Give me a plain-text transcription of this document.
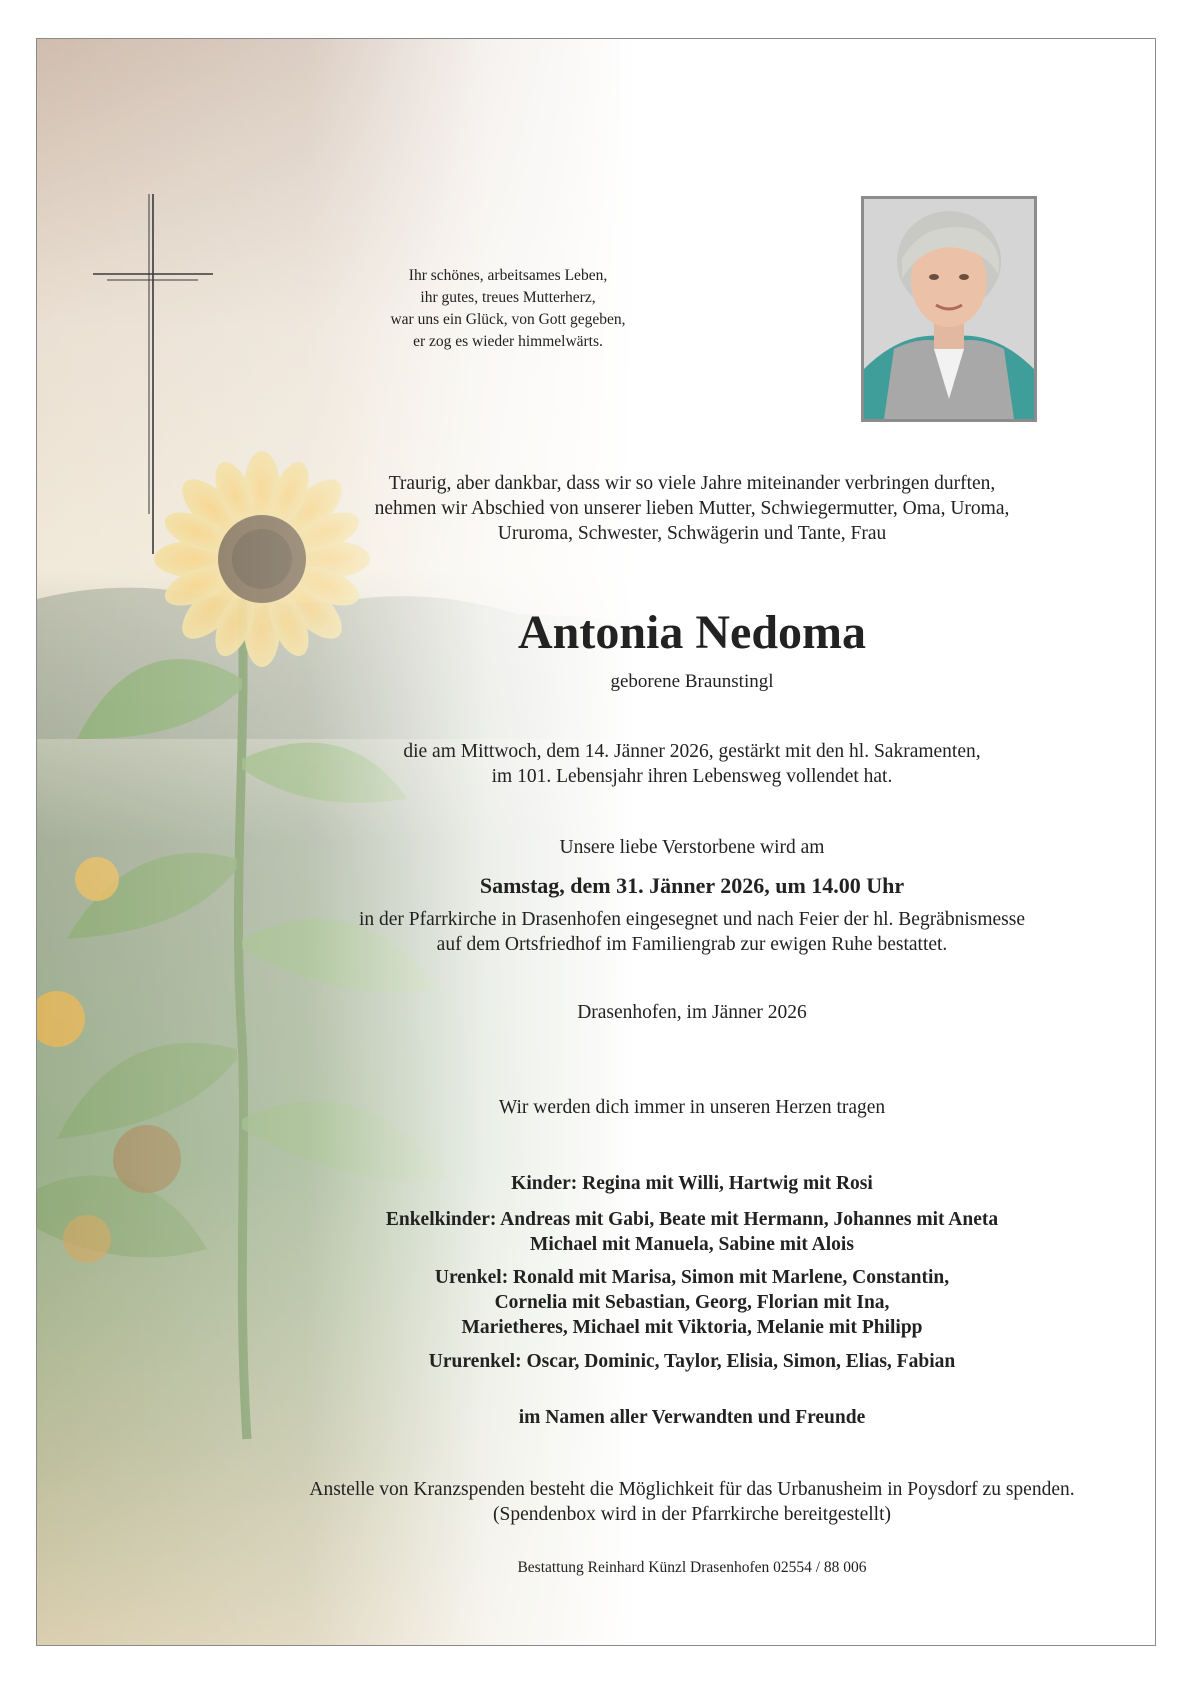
Ihr schönes, arbeitsames Leben,
ihr gutes, treues Mutterherz,
war uns ein Glück, von Gott gegeben,
er zog es wieder himmelwärts.

Traurig, aber dankbar, dass wir so viele Jahre miteinander verbringen durften,
nehmen wir Abschied von unserer lieben Mutter, Schwiegermutter, Oma, Uroma,
Ururoma, Schwester, Schwägerin und Tante, Frau

Antonia Nedoma

geborene Braunstingl

die am Mittwoch, dem 14. Jänner 2026, gestärkt mit den hl. Sakramenten,
im 101. Lebensjahr ihren Lebensweg vollendet hat.

Unsere liebe Verstorbene wird am

Samstag, dem 31. Jänner 2026, um 14.00 Uhr

in der Pfarrkirche in Drasenhofen eingesegnet und nach Feier der hl. Begräbnismesse
auf dem Ortsfriedhof im Familiengrab zur ewigen Ruhe bestattet.

Drasenhofen, im Jänner 2026

Wir werden dich immer in unseren Herzen tragen

Kinder: Regina mit Willi, Hartwig mit Rosi

Enkelkinder: Andreas mit Gabi, Beate mit Hermann, Johannes mit Aneta
Michael mit Manuela, Sabine mit Alois

Urenkel: Ronald mit Marisa, Simon mit Marlene, Constantin,
Cornelia mit Sebastian, Georg, Florian mit Ina,
Marietheres, Michael mit Viktoria, Melanie mit Philipp

Ururenkel: Oscar, Dominic, Taylor, Elisia, Simon, Elias, Fabian

im Namen aller Verwandten und Freunde

Anstelle von Kranzspenden besteht die Möglichkeit für das Urbanusheim in Poysdorf zu spenden.
(Spendenbox wird in der Pfarrkirche bereitgestellt)

Bestattung Reinhard Künzl Drasenhofen 02554 / 88 006
